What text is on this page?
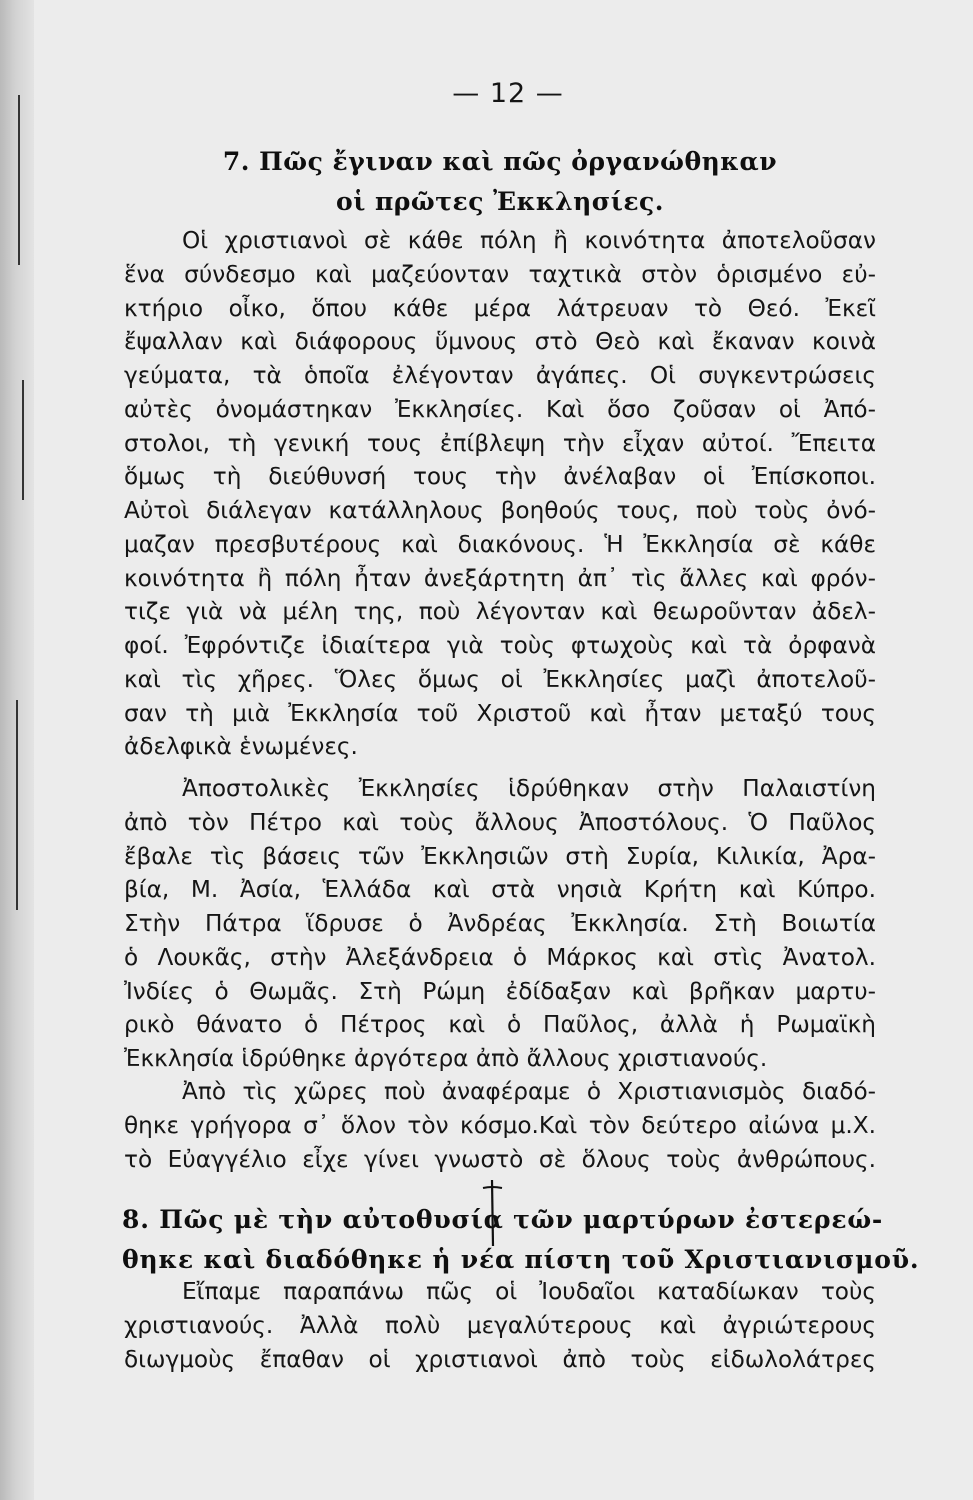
— 12 —
7. Πῶς ἔγιναν καὶ πῶς ὀργανώθηκαν
οἱ πρῶτες Ἐκκλησίες.
Οἱ χριστιανοὶ σὲ κάθε πόλη ἢ κοινότητα ἀποτελοῦσαν
ἕνα σύνδεσμο καὶ μαζεύονταν ταχτικὰ στὸν ὁρισμένο εὐ-
κτήριο οἶκο, ὅπου κάθε μέρα λάτρευαν τὸ Θεό. Ἐκεῖ
ἔψαλλαν καὶ διάφορους ὕμνους στὸ Θεὸ καὶ ἔκαναν κοινὰ
γεύματα, τὰ ὁποῖα ἐλέγονταν ἀγάπες. Οἱ συγκεντρώσεις
αὐτὲς ὀνομάστηκαν Ἐκκλησίες. Καὶ ὅσο ζοῦσαν οἱ Ἀπό-
στολοι, τὴ γενική τους ἐπίβλεψη τὴν εἶχαν αὐτοί. Ἔπειτα
ὅμως τὴ διεύθυνσή τους τὴν ἀνέλαβαν οἱ Ἐπίσκοποι.
Αὐτοὶ διάλεγαν κατάλληλους βοηθούς τους, ποὺ τοὺς ὀνό-
μαζαν πρεσβυτέρους καὶ διακόνους. Ἡ Ἐκκλησία σὲ κάθε
κοινότητα ἢ πόλη ἦταν ἀνεξάρτητη ἀπ᾽ τὶς ἄλλες καὶ φρόν-
τιζε γιὰ νὰ μέλη της, ποὺ λέγονταν καὶ θεωροῦνταν ἀδελ-
φοί. Ἐφρόντιζε ἰδιαίτερα γιὰ τοὺς φτωχοὺς καὶ τὰ ὀρφανὰ
καὶ τὶς χῆρες. Ὅλες ὅμως οἱ Ἐκκλησίες μαζὶ ἀποτελοῦ-
σαν τὴ μιὰ Ἐκκλησία τοῦ Χριστοῦ καὶ ἦταν μεταξύ τους
ἀδελφικὰ ἑνωμένες.
Ἀποστολικὲς Ἐκκλησίες ἱδρύθηκαν στὴν Παλαιστίνη
ἀπὸ τὸν Πέτρο καὶ τοὺς ἄλλους Ἀποστόλους. Ὁ Παῦλος
ἔβαλε τὶς βάσεις τῶν Ἐκκλησιῶν στὴ Συρία, Κιλικία, Ἀρα-
βία, Μ. Ἀσία, Ἑλλάδα καὶ στὰ νησιὰ Κρήτη καὶ Κύπρο.
Στὴν Πάτρα ἵδρυσε ὁ Ἀνδρέας Ἐκκλησία. Στὴ Βοιωτία
ὁ Λουκᾶς, στὴν Ἀλεξάνδρεια ὁ Μάρκος καὶ στὶς Ἀνατολ.
Ἰνδίες ὁ Θωμᾶς. Στὴ Ρώμη ἐδίδαξαν καὶ βρῆκαν μαρτυ-
ρικὸ θάνατο ὁ Πέτρος καὶ ὁ Παῦλος, ἀλλὰ ἡ Ρωμαϊκὴ
Ἐκκλησία ἱδρύθηκε ἀργότερα ἀπὸ ἄλλους χριστιανούς.
Ἀπὸ τὶς χῶρες ποὺ ἀναφέραμε ὁ Χριστιανισμὸς διαδό-
θηκε γρήγορα σ᾽ ὅλον τὸν κόσμο.Καὶ τὸν δεύτερο αἰώνα μ.Χ.
τὸ Εὐαγγέλιο εἶχε γίνει γνωστὸ σὲ ὅλους τοὺς ἀνθρώπους.
8. Πῶς μὲ τὴν αὐτοθυσία τῶν μαρτύρων ἐστερεώ-
θηκε καὶ διαδόθηκε ἡ νέα πίστη τοῦ Χριστιανισμοῦ.
Εἴπαμε παραπάνω πῶς οἱ Ἰουδαῖοι καταδίωκαν τοὺς
χριστιανούς. Ἀλλὰ πολὺ μεγαλύτερους καὶ ἀγριώτερους
διωγμοὺς ἔπαθαν οἱ χριστιανοὶ ἀπὸ τοὺς εἰδωλολάτρες
